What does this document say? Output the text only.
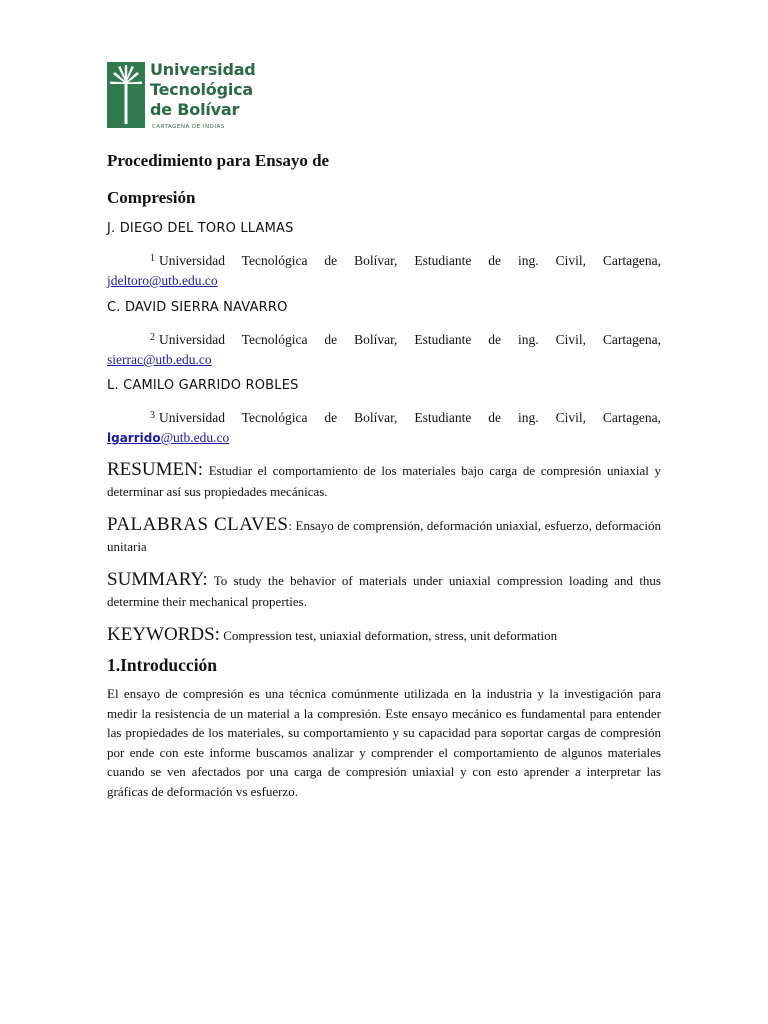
Universidad
Tecnológica
de Bolívar
CARTAGENA DE INDIAS
Procedimiento para Ensayo de
Compresión
J. DIEGO DEL TORO LLAMAS
$^1$ Universidad Tecnológica de Bolívar, Estudiante de ing. Civil, Cartagena,
jdeltoro@utb.edu.co
C. DAVID SIERRA NAVARRO
$^2$ Universidad Tecnológica de Bolívar, Estudiante de ing. Civil, Cartagena,
sierrac@utb.edu.co
L. CAMILO GARRIDO ROBLES
$^3$ Universidad Tecnológica de Bolívar, Estudiante de ing. Civil, Cartagena,
lgarrido@utb.edu.co
RESUMEN: Estudiar el comportamiento de los materiales bajo carga de compresión uniaxial y determinar así sus propiedades mecánicas.
PALABRAS CLAVES: Ensayo de comprensión, deformación uniaxial, esfuerzo, deformación unitaria
SUMMARY: To study the behavior of materials under uniaxial compression loading and thus determine their mechanical properties.
KEYWORDS: Compression test, uniaxial deformation, stress, unit deformation
1.Introducción
El ensayo de compresión es una técnica comúnmente utilizada en la industria y la investigación para medir la resistencia de un material a la compresión. Este ensayo mecánico es fundamental para entender las propiedades de los materiales, su comportamiento y su capacidad para soportar cargas de compresión por ende con este informe buscamos analizar y comprender el comportamiento de algunos materiales cuando se ven afectados por una carga de compresión uniaxial y con esto aprender a interpretar las gráficas de deformación vs esfuerzo.
